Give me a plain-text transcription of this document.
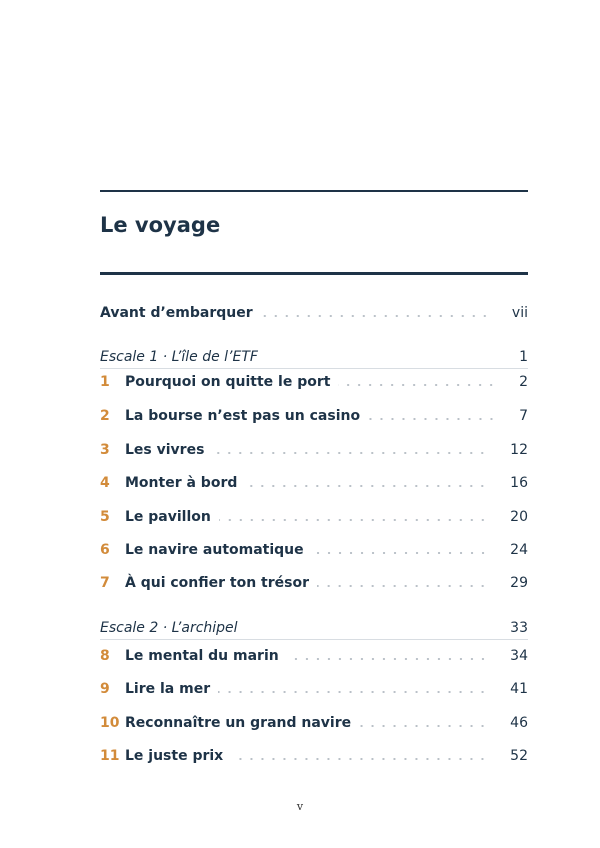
Le voyage
Avant d’embarquer	vii
Escale 1 · L’île de l’ETF	1
1	Pourquoi on quitte le port	2
2	La bourse n’est pas un casino	7
3	Les vivres	12
4	Monter à bord	16
5	Le pavillon	20
6	Le navire automatique	24
7	À qui confier ton trésor	29
Escale 2 · L’archipel	33
8	Le mental du marin	34
9	Lire la mer	41
10 Reconnaître un grand navire	46
11 Le juste prix	52
v
